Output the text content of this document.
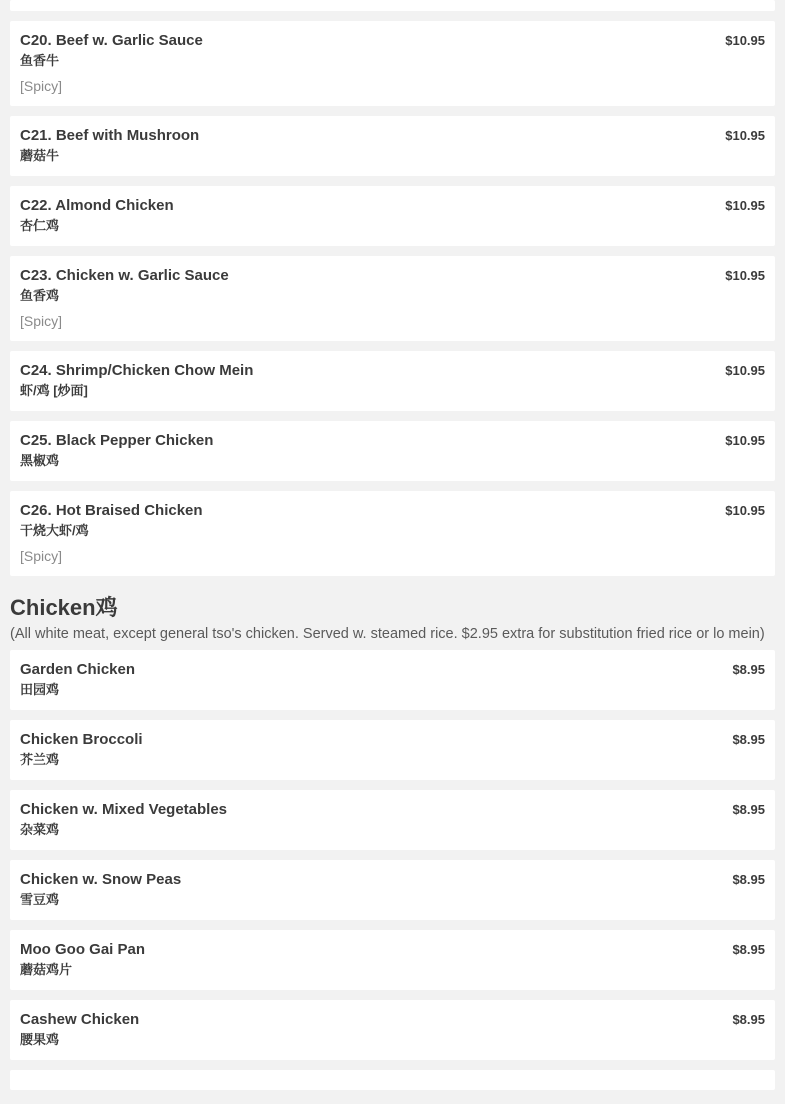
C20. Beef w. Garlic Sauce	$10.95
鱼香牛
[Spicy]
C21. Beef with Mushroon	$10.95
蘑菇牛
C22. Almond Chicken	$10.95
杏仁鸡
C23. Chicken w. Garlic Sauce	$10.95
鱼香鸡
[Spicy]
C24. Shrimp/Chicken Chow Mein	$10.95
虾/鸡 [炒面]
C25. Black Pepper Chicken	$10.95
黑椒鸡
C26. Hot Braised Chicken	$10.95
干烧大虾/鸡
[Spicy]
Chicken鸡
(All white meat, except general tso's chicken. Served w. steamed rice. $2.95 extra for substitution fried rice or lo mein)
Garden Chicken	$8.95
田园鸡
Chicken Broccoli	$8.95
芥兰鸡
Chicken w. Mixed Vegetables	$8.95
杂菜鸡
Chicken w. Snow Peas	$8.95
雪豆鸡
Moo Goo Gai Pan	$8.95
蘑菇鸡片
Cashew Chicken	$8.95
腰果鸡
